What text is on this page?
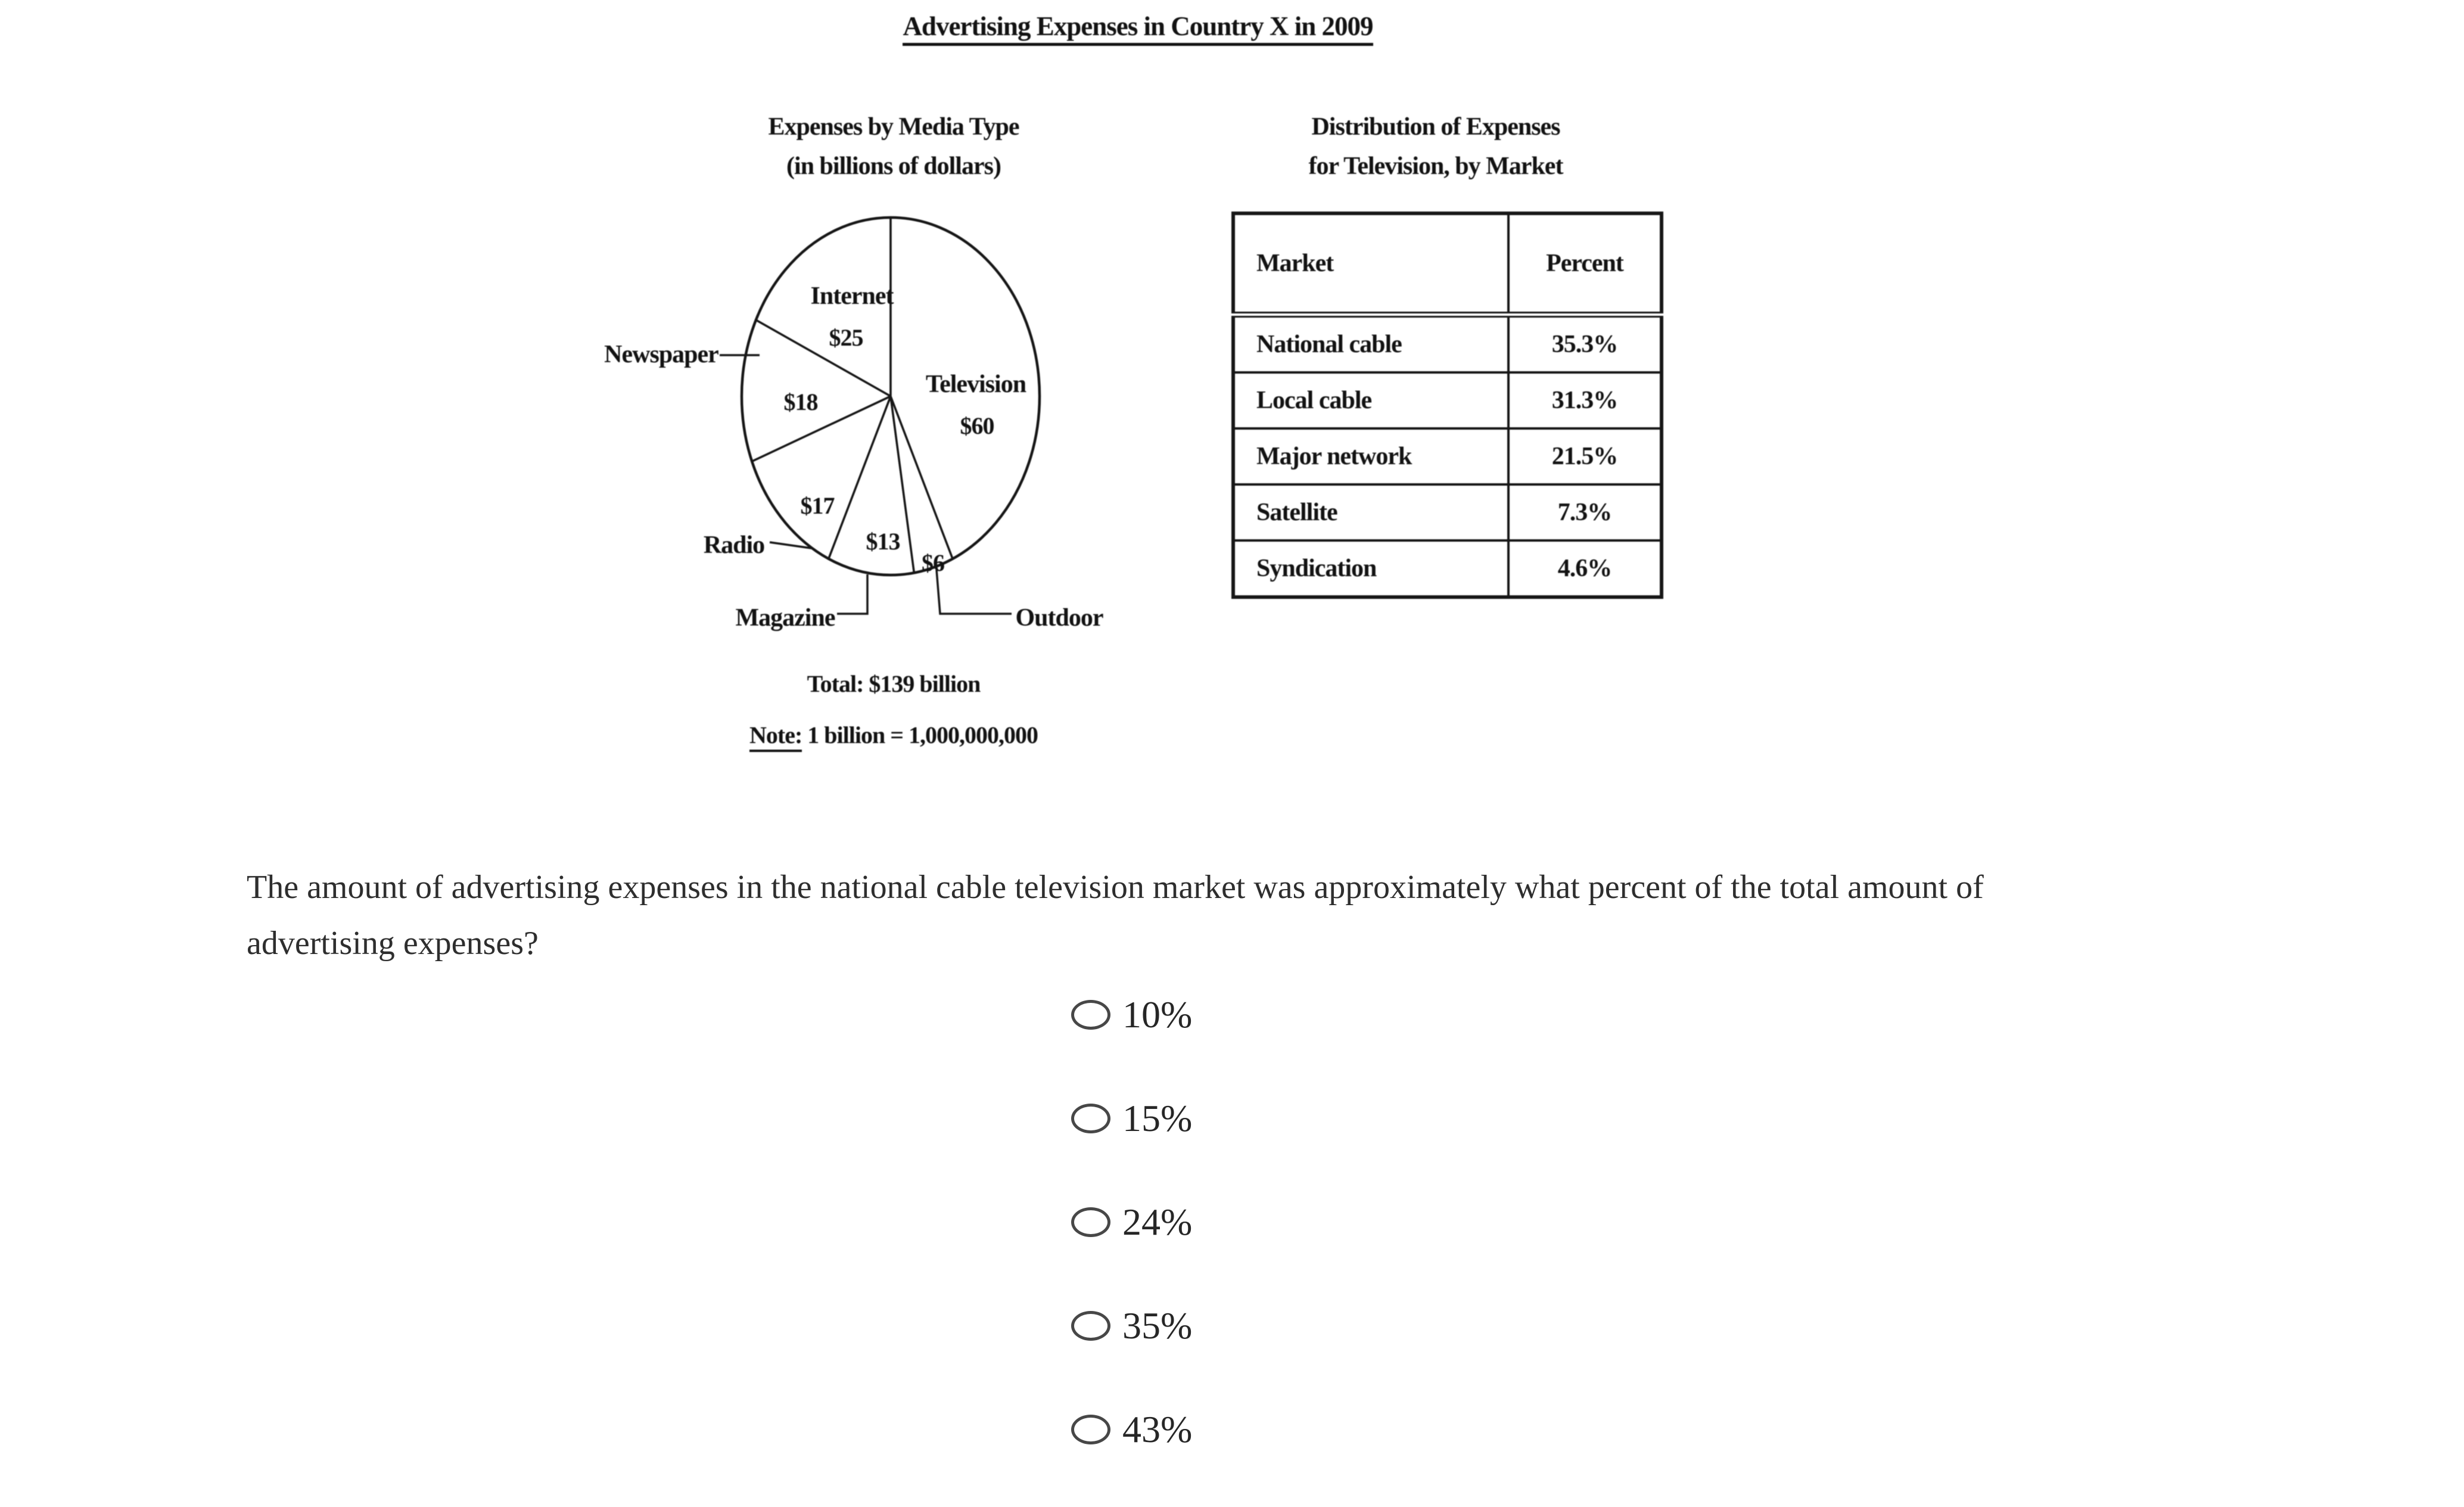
Advertising Expenses in Country X in 2009
Expenses by Media Type
(in billions of dollars)
Distribution of Expenses
for Television, by Market
Internet
$25
Television
$60
$18
$17
$13
$6
Newspaper
Radio
Magazine	Outdoor
Market	Percent
National cable	35.3%
Local cable	31.3%
Major network	21.5%
Satellite	7.3%
Syndication	4.6%
Total: $139 billion
Note: 1 billion = 1,000,000,000
The amount of advertising expenses in the national cable television market was approximately what percent of the total amount of
advertising expenses?
10%
15%
24%
35%
43%
